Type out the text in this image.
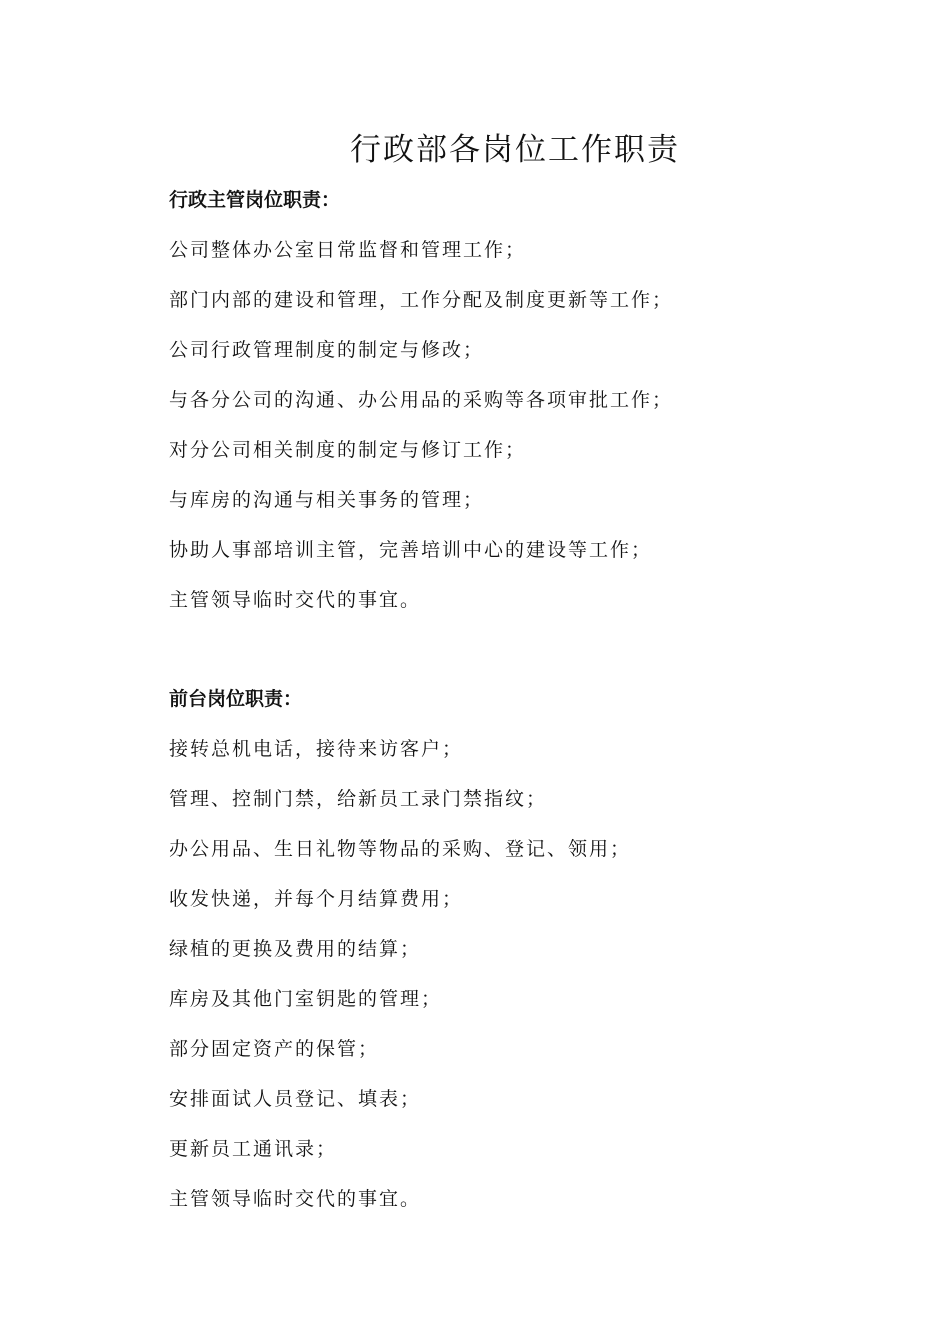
行政部各岗位工作职责
行政主管岗位职责：
公司整体办公室日常监督和管理工作；
部门内部的建设和管理，工作分配及制度更新等工作；
公司行政管理制度的制定与修改；
与各分公司的沟通、办公用品的采购等各项审批工作；
对分公司相关制度的制定与修订工作；
与库房的沟通与相关事务的管理；
协助人事部培训主管，完善培训中心的建设等工作；
主管领导临时交代的事宜。
前台岗位职责：
接转总机电话，接待来访客户；
管理、控制门禁，给新员工录门禁指纹；
办公用品、生日礼物等物品的采购、登记、领用；
收发快递，并每个月结算费用；
绿植的更换及费用的结算；
库房及其他门室钥匙的管理；
部分固定资产的保管；
安排面试人员登记、填表；
更新员工通讯录；
主管领导临时交代的事宜。
